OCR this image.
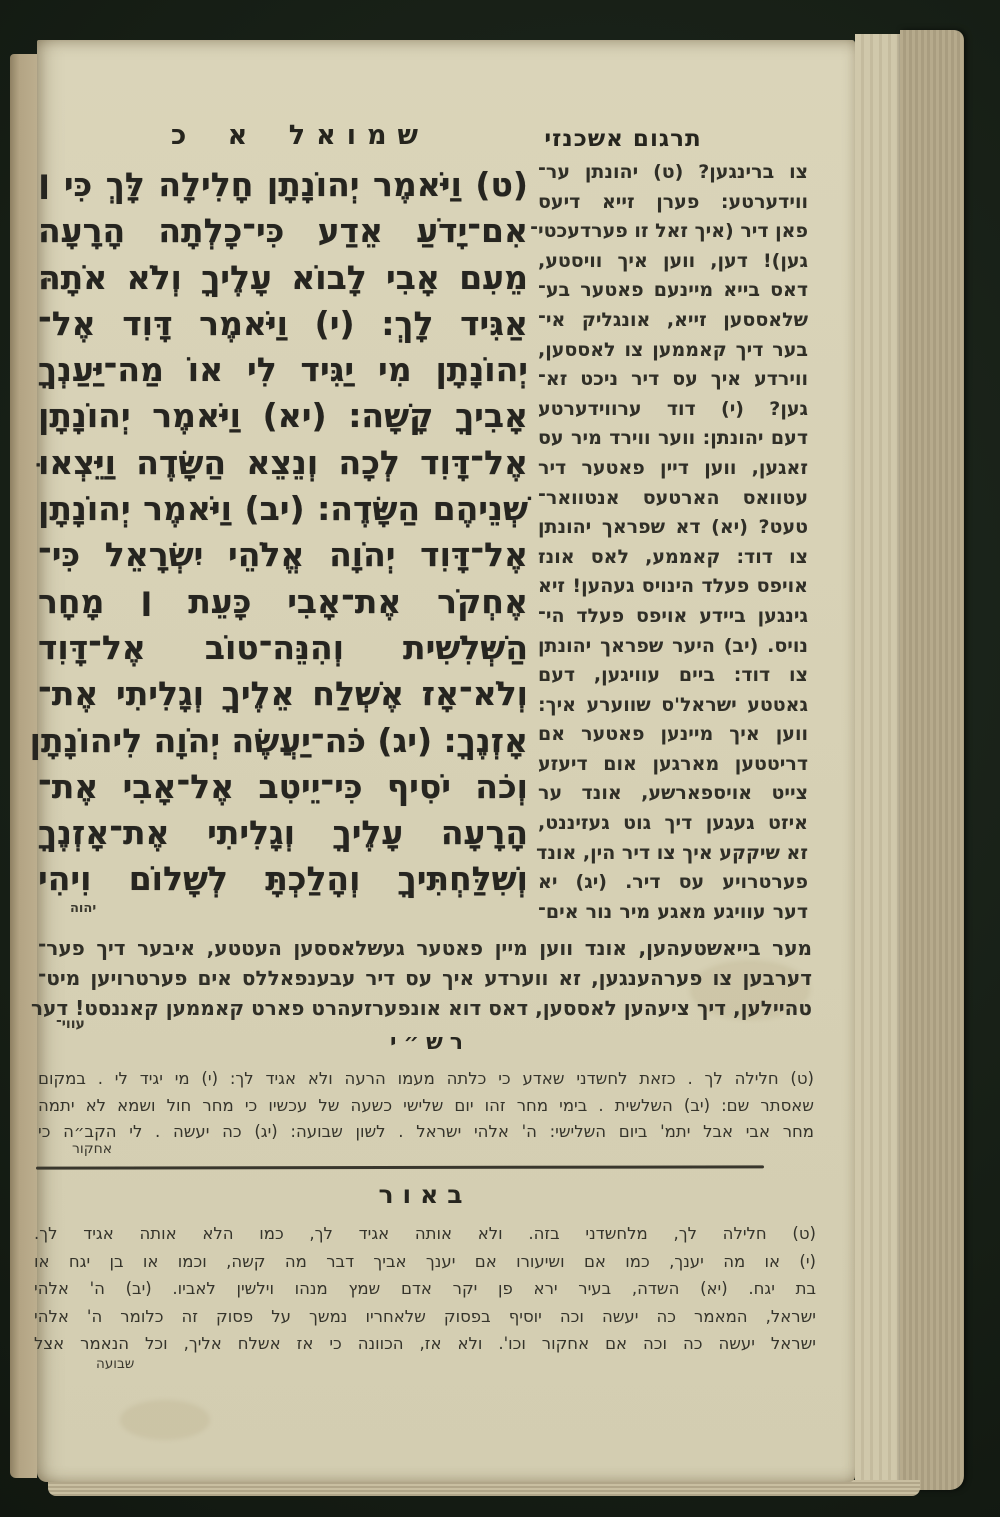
שמואל א כ	תרגום אשכנזי
(ט) וַיֹּאמֶר יְהוֹנָתָן חָלִילָה לָּךְ כִּי ׀
אִם־יָדֹעַ אֵדַע כִּי־כָלְתָה הָרָעָה
מֵעִם אָבִי לָבוֹא עָלֶיךָ וְלֹא אֹתָהּ
אַגִּיד לָךְ: (י) וַיֹּאמֶר דָּוִד אֶל־
יְהוֹנָתָן מִי יַגִּיד לִי אוֹ מַה־יַּעַנְךָ
אָבִיךָ קָשָׁה: (יא) וַיֹּאמֶר יְהוֹנָתָן
אֶל־דָּוִד לְכָה וְנֵצֵא הַשָּׂדֶה וַיֵּצְאוּ
שְׁנֵיהֶם הַשָּׂדֶה: (יב) וַיֹּאמֶר יְהוֹנָתָן
אֶל־דָּוִד יְהֹוָה אֱלֹהֵי יִשְׂרָאֵל כִּי־
אֶחְקֹר אֶת־אָבִי כָּעֵת ׀ מָחָר
הַשְּׁלִשִׁית וְהִנֵּה־טוֹב אֶל־דָּוִד
וְלֹא־אָז אֶשְׁלַח אֵלֶיךָ וְגָלִיתִי אֶת־
אָזְנֶךָ: (יג) כֹּה־יַעֲשֶׂה יְהֹוָה לִיהוֹנָתָן
וְכֹה יֹסִיף כִּי־יֵיטִב אֶל־אָבִי אֶת־
הָרָעָה עָלֶיךָ וְגָלִיתִי אֶת־אָזְנֶךָ
וְשִׁלַּחְתִּיךָ וְהָלַכְתָּ לְשָׁלוֹם וִיהִי
יהוה
צו ברינגען? (ט) יהונתן ער־
ווידערטע: פערן זייא דיעס
פאן דיר (איך זאל זו פערדעכטי־
גען)! דען, ווען איך וויסטע,
דאס בייא מיינעם פאטער בע־
שלאססען זייא, אונגליק אי־
בער דיך קאממען צו לאססען,
ווירדע איך עס דיר ניכט זא־
גען? (י) דוד ערווידערטע
דעם יהונתן: ווער ווירד מיר עס
זאגען, ווען דיין פאטער דיר
עטוואס הארטעס אנטוואר־
טעט? (יא) דא שפראך יהונתן
צו דוד: קאממע, לאס אונז
אויפס פעלד הינויס געהען! זיא
גינגען ביידע אויפס פעלד הי־
נויס. (יב) היער שפראך יהונתן
צו דוד: ביים עוויגען, דעם
גאטטע ישראל'ס שווערע איך:
ווען איך מיינען פאטער אם
דריטטען מארגען אום דיעזע
צייט אויספארשע, אונד ער
איזט געגען דיך גוט געזיננט,
זא שיקקע איך צו דיר הין, אונד
פערטרויע עס דיר. (יג) יא
דער עוויגע מאגע מיר נור אים־
מער בייאשטעהען, אונד ווען מיין פאטער געשלאססען העטטע, איבער דיך פער־
דערבען צו פערהענגען, זא ווערדע איך עס דיר עבענפאללס אים פערטרויען מיט־
טהיילען, דיך ציעהען לאססען, דאס דוא אונפערזעהרט פארט קאממען קאננסט! דער
עווי־
רש״י
(ט) חלילה לך . כזאת לחשדני שאדע כי כלתה מעמו הרעה ולא אגיד לך: (י) מי יגיד לי . במקום
שאסתר שם: (יב) השלשית . בימי מחר זהו יום שלישי כשעה של עכשיו כי מחר חול ושמא לא יתמה
מחר אבי אבל יתמ' ביום השלישי: ה' אלהי ישראל . לשון שבועה: (יג) כה יעשה . לי הקב״ה כי
אחקור
באור
(ט) חלילה לך, מלחשדני בזה. ולא אותה אגיד לך, כמו הלא אותה אגיד לך.
(י) או מה יענך, כמו אם ושיעורו אם יענך אביך דבר מה קשה, וכמו או בן יגח או
בת יגח. (יא) השדה, בעיר ירא פן יקר אדם שמץ מנהו וילשין לאביו. (יב) ה' אלהי
ישראל, המאמר כה יעשה וכה יוסיף בפסוק שלאחריו נמשך על פסוק זה כלומר ה' אלהי
ישראל יעשה כה וכה אם אחקור וכו'. ולא אז, הכוונה כי אז אשלח אליך, וכל הנאמר אצל
שבועה
